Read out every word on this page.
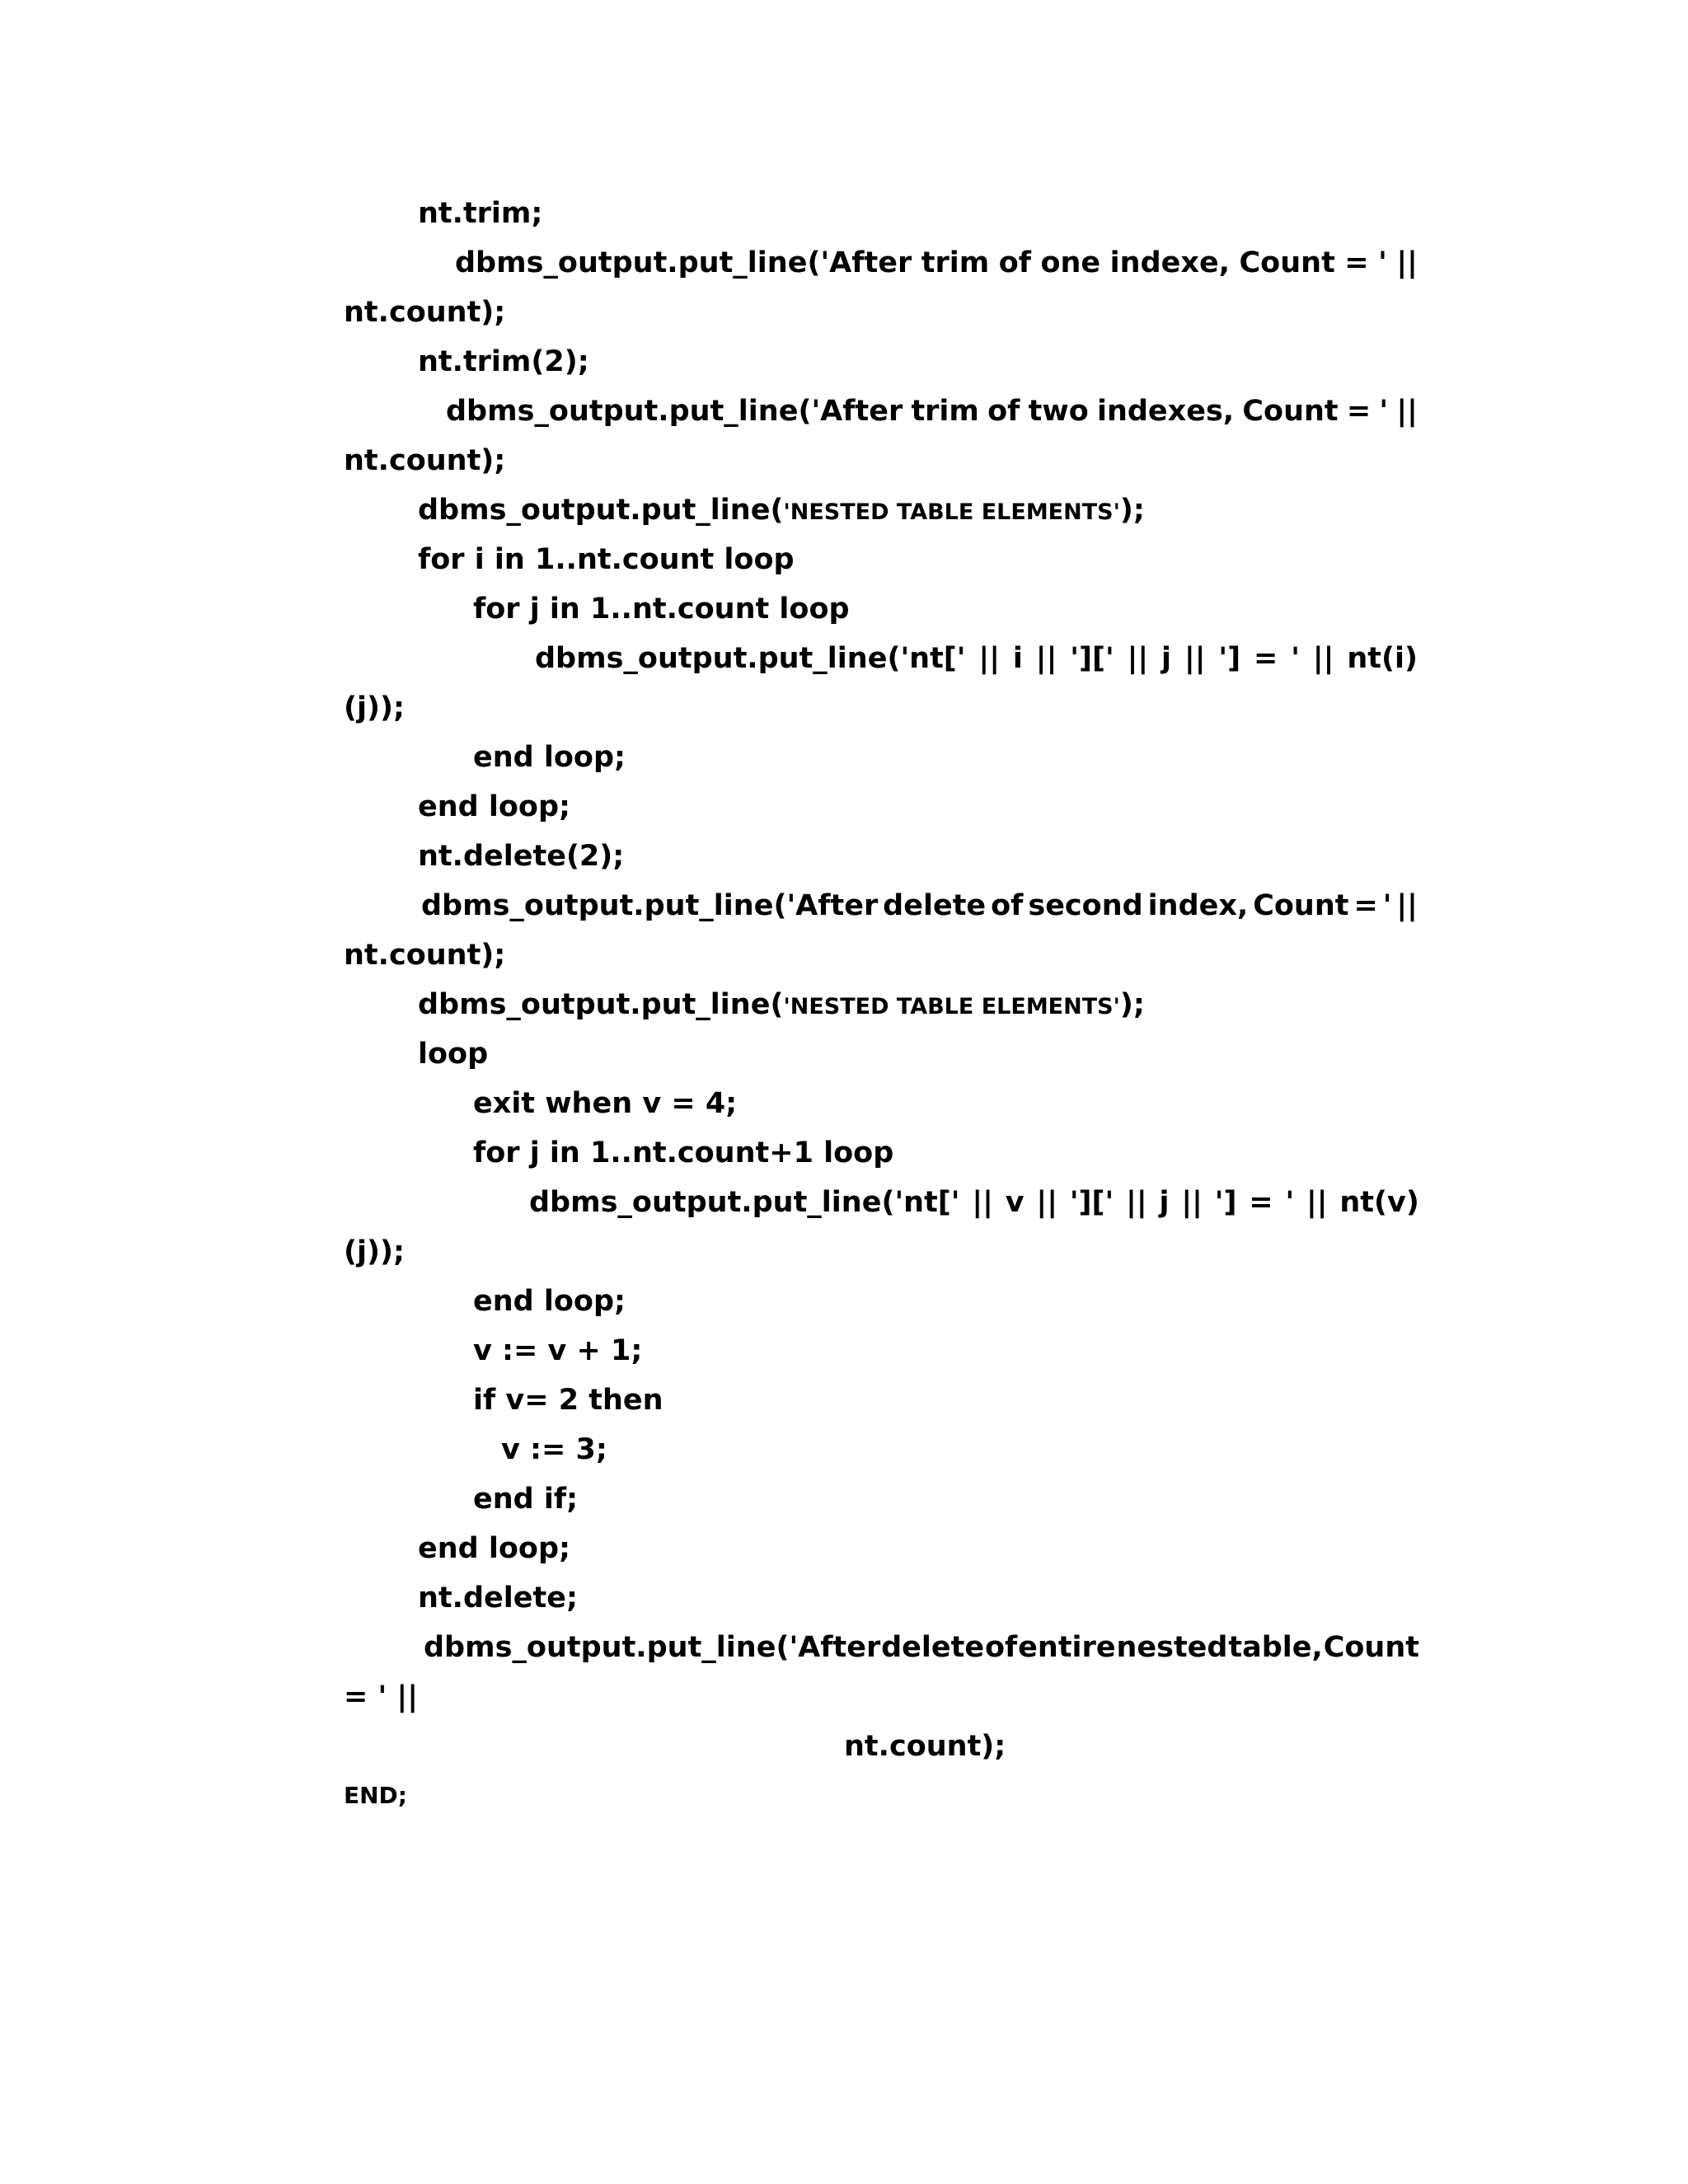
nt.trim;
dbms_output.put_line('After trim of one indexe, Count = ' ||
nt.count);
nt.trim(2);
dbms_output.put_line('After trim of two indexes, Count = ' ||
nt.count);
dbms_output.put_line('NESTED TABLE ELEMENTS');
for i in 1..nt.count loop
for j in 1..nt.count loop
dbms_output.put_line('nt[' || i || '][' || j || '] = ' || nt(i)
(j));
end loop;
end loop;
nt.delete(2);
dbms_output.put_line('After delete of second index, Count = ' ||
nt.count);
dbms_output.put_line('NESTED TABLE ELEMENTS');
loop
exit when v = 4;
for j in 1..nt.count+1 loop
dbms_output.put_line('nt[' || v || '][' || j || '] = ' || nt(v)
(j));
end loop;
v := v + 1;
if v= 2 then
v := 3;
end if;
end loop;
nt.delete;
dbms_output.put_line('After delete of entire nested table, Count
= ' ||
nt.count);
END;
